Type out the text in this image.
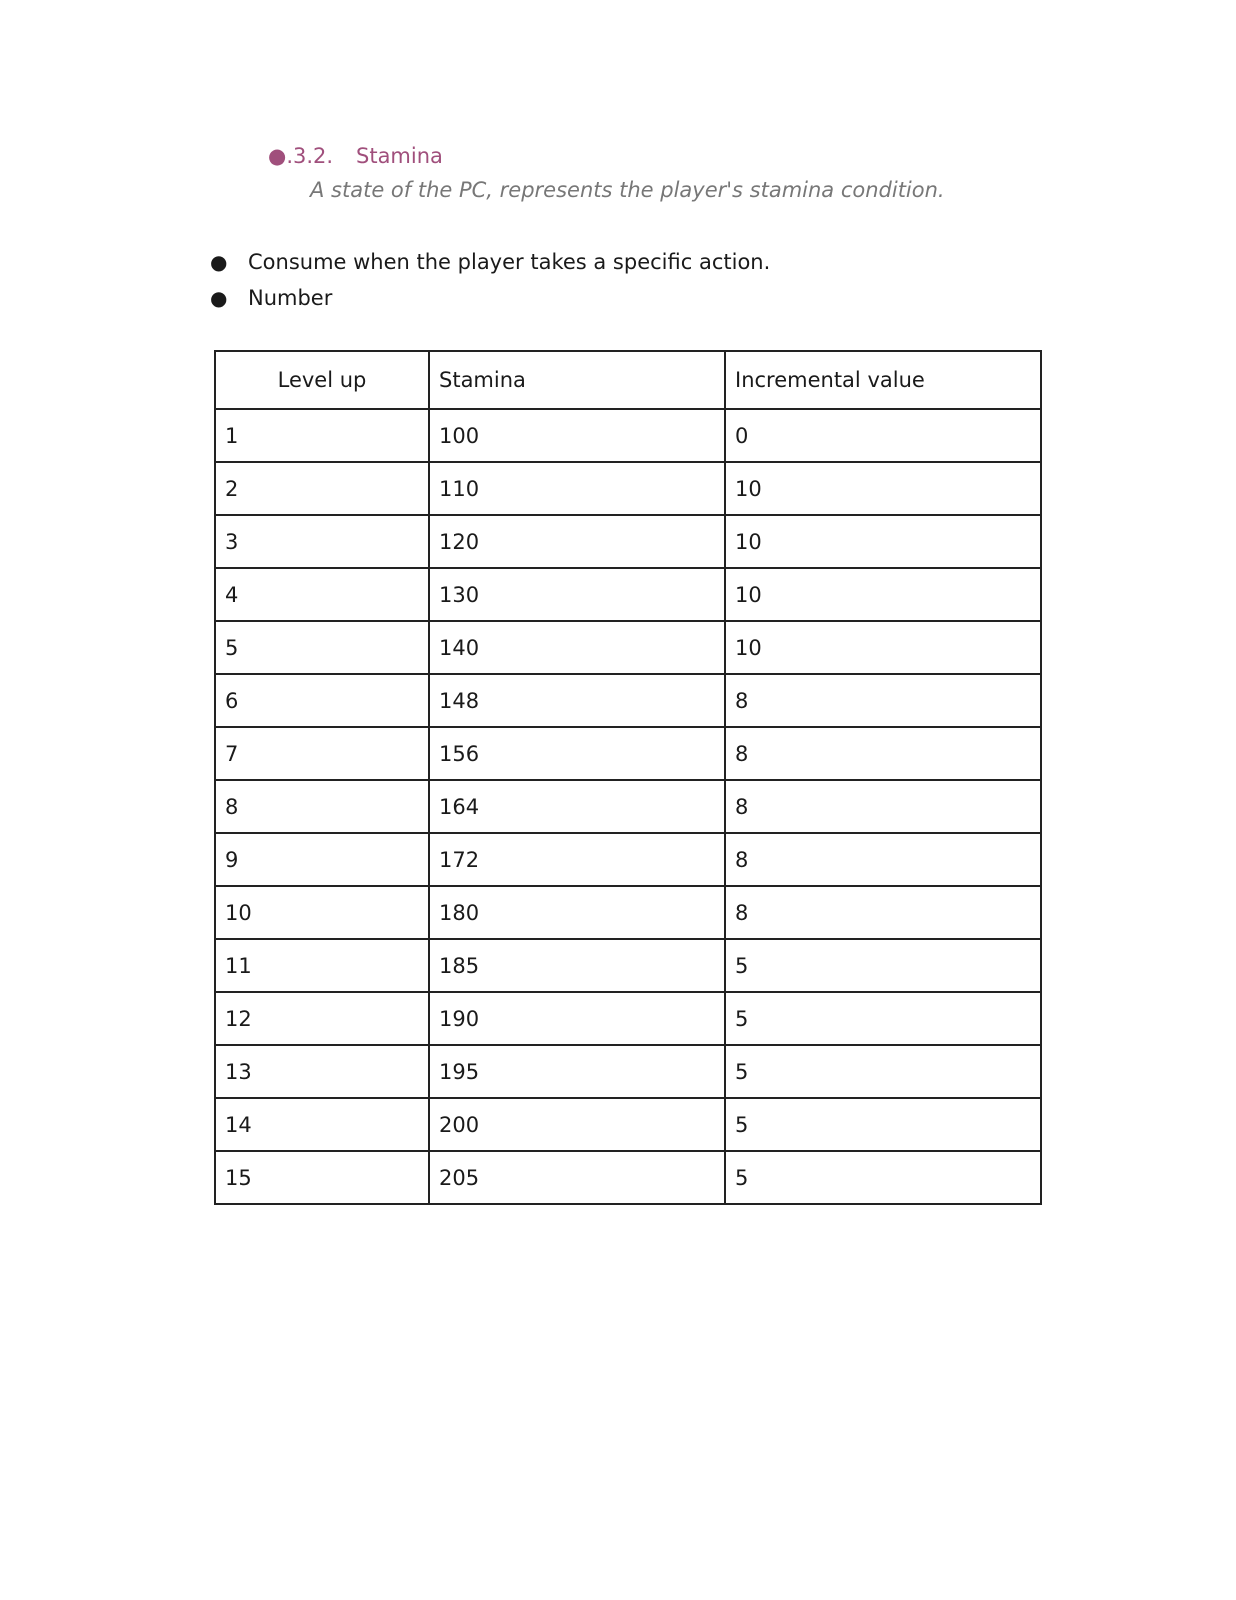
●.3.2.	Stamina
A state of the PC, represents the player's stamina condition.
● Consume when the player takes a specific action.
● Number
Level up	Stamina	Incremental value
1	100	0
2	110	10
3	120	10
4	130	10
5	140	10
6	148	8
7	156	8
8	164	8
9	172	8
10	180	8
11	185	5
12	190	5
13	195	5
14	200	5
15	205	5
